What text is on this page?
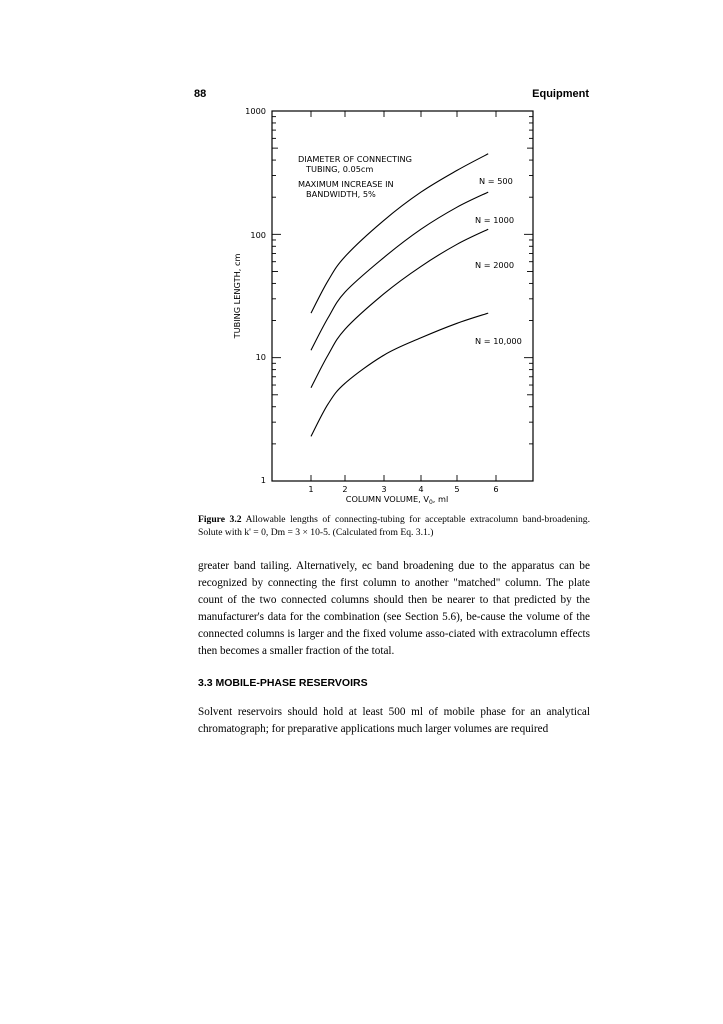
88	Equipment
DIAMETER OF CONNECTING
TUBING, 0.05cm
MAXIMUM INCREASE IN
BANDWIDTH, 5%
N = 500
N = 1000
N = 2000
N = 10,000
1000
100
10
1
1	2	3	4	5	6
COLUMN VOLUME, $V_0$, ml
TUBING LENGTH, cm
Figure 3.2 Allowable lengths of connecting-tubing for acceptable extracolumn band-broadening. Solute with k' = 0, Dm = 3 × 10-5. (Calculated from Eq. 3.1.)

greater band tailing. Alternatively, ec band broadening due to the apparatus can be recognized by connecting the first column to another "matched" column. The plate count of the two connected columns should then be nearer to that predicted by the manufacturer's data for the combination (see Section 5.6), be-cause the volume of the connected columns is larger and the fixed volume asso-ciated with extracolumn effects then becomes a smaller fraction of the total.

3.3 MOBILE-PHASE RESERVOIRS

Solvent reservoirs should hold at least 500 ml of mobile phase for an analytical chromatograph; for preparative applications much larger volumes are required
